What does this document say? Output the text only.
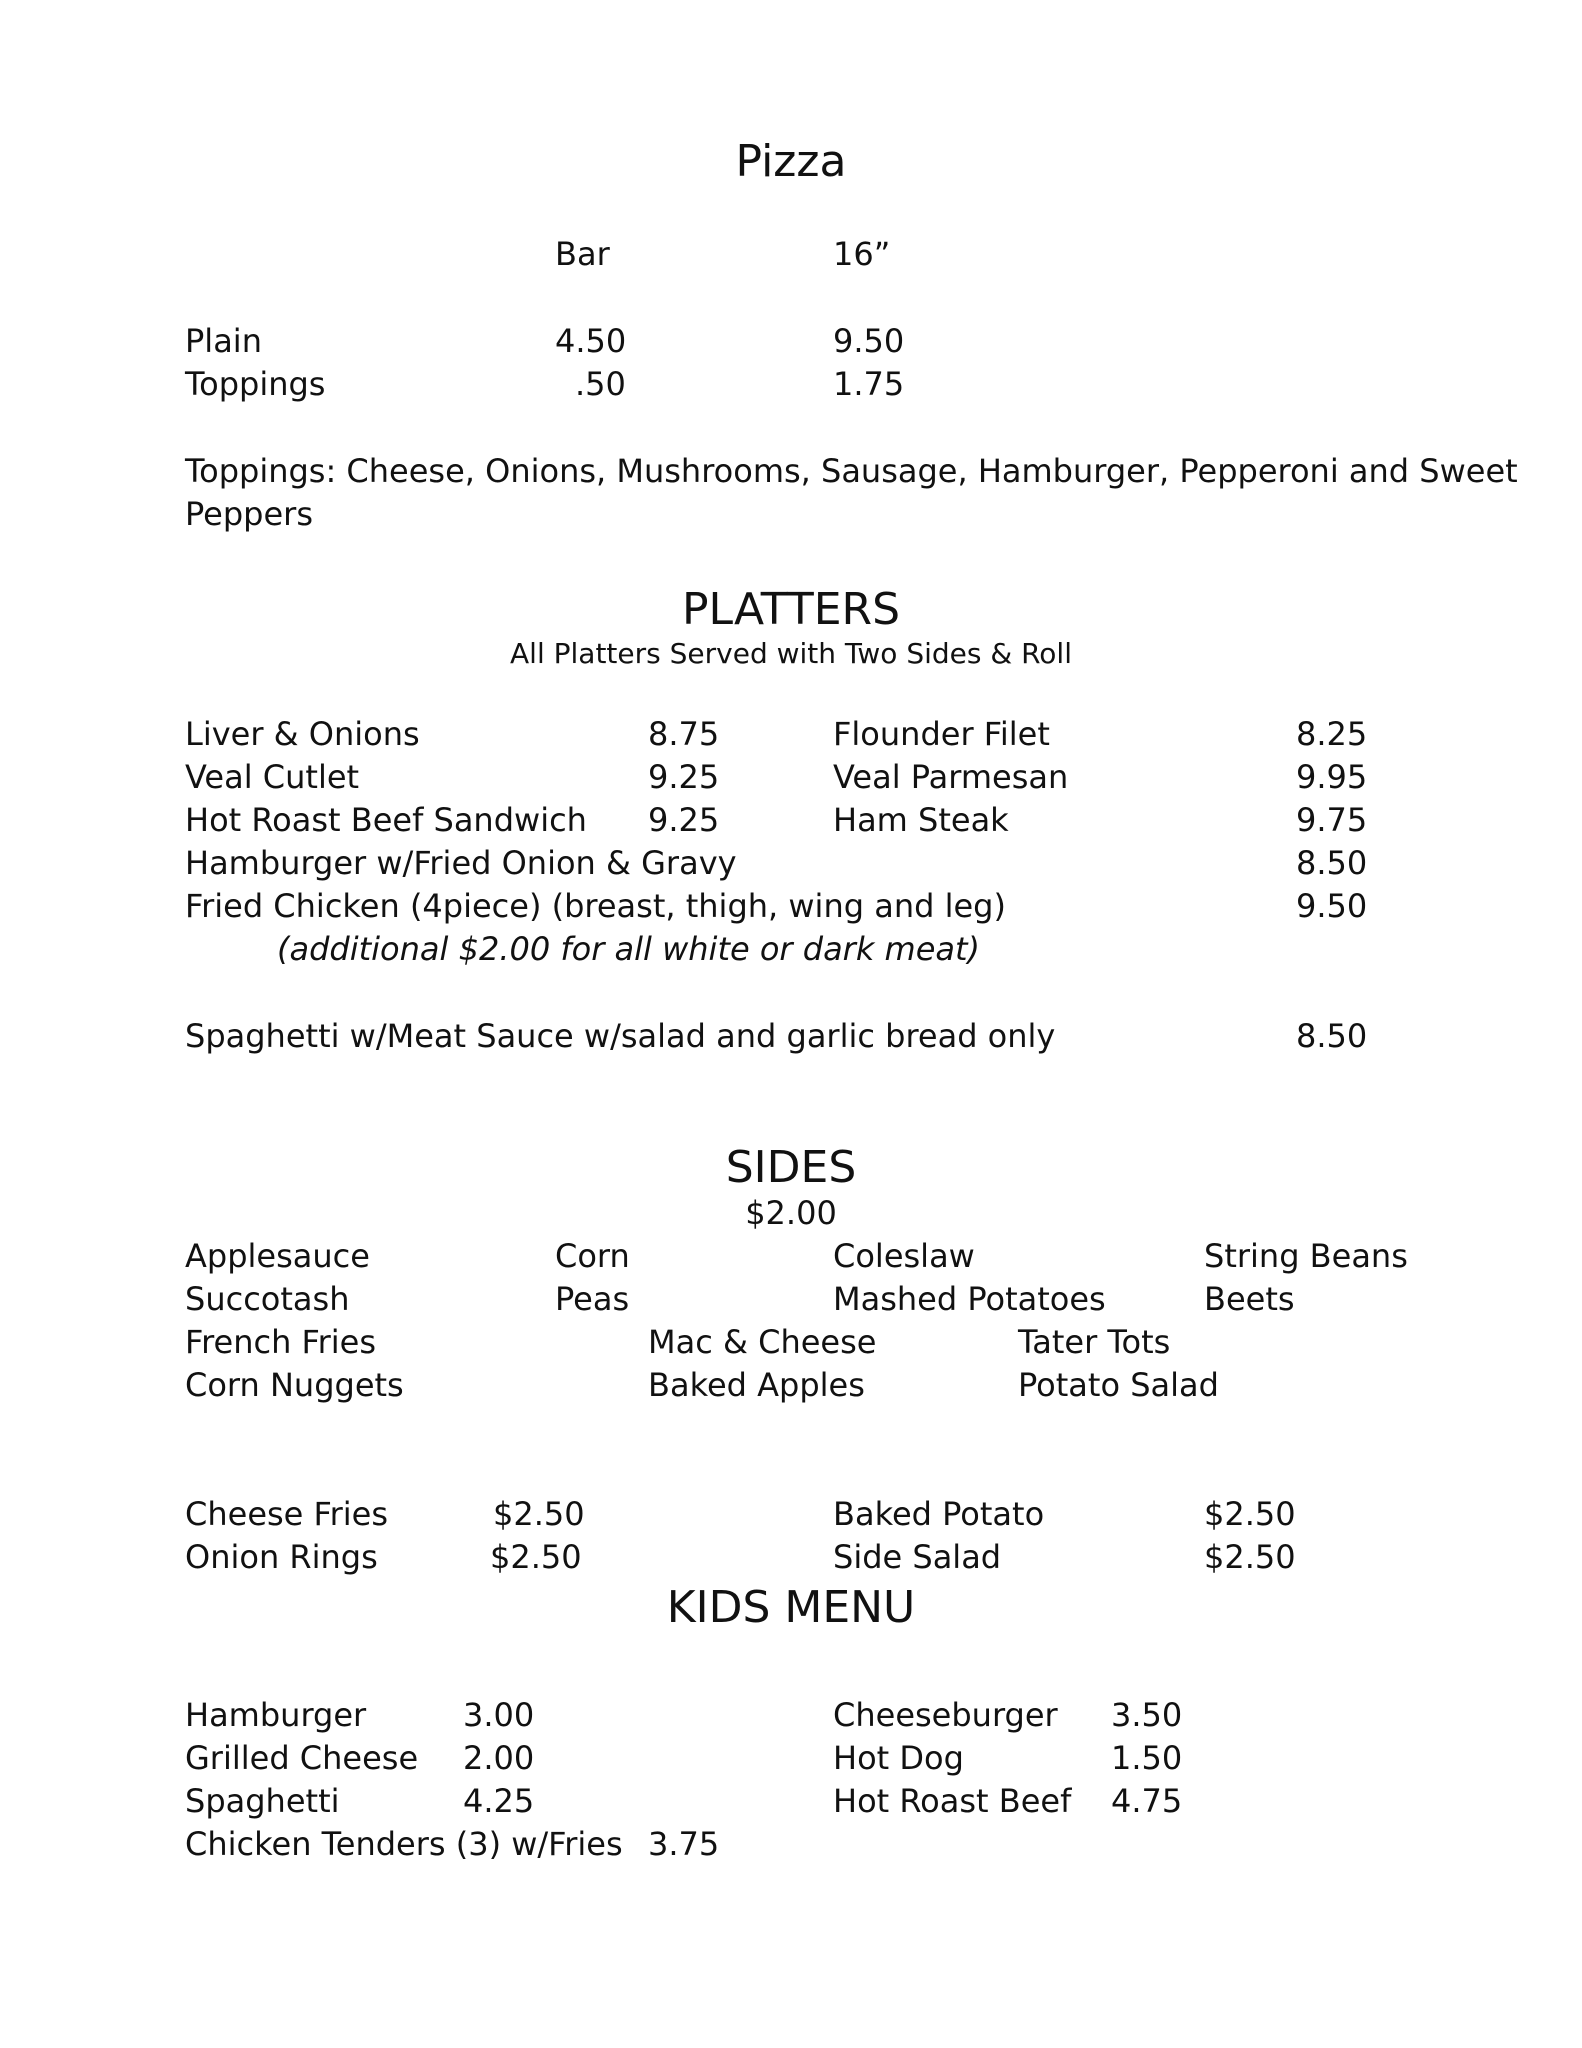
Pizza
Bar	16”
Plain	4.50	9.50
Toppings	.50	1.75
Toppings: Cheese, Onions, Mushrooms, Sausage, Hamburger, Pepperoni and Sweet
Peppers
PLATTERS
All Platters Served with Two Sides & Roll
Liver & Onions	8.75	Flounder Filet	8.25
Veal Cutlet	9.25	Veal Parmesan	9.95
Hot Roast Beef Sandwich 9.25	Ham Steak	9.75
Hamburger w/Fried Onion & Gravy	8.50
Fried Chicken (4piece) (breast, thigh, wing and leg)	9.50
(additional $2.00 for all white or dark meat)
Spaghetti w/Meat Sauce w/salad and garlic bread only	8.50
SIDES
$2.00
Applesauce	Corn	Coleslaw	String Beans
Succotash	Peas	Mashed Potatoes	Beets
French Fries	Mac & Cheese	Tater Tots
Corn Nuggets	Baked Apples	Potato Salad
Cheese Fries	$2.50	Baked Potato	$2.50
Onion Rings	$2.50	Side Salad	$2.50
KIDS MENU
Hamburger	3.00	Cheeseburger 3.50
Grilled Cheese 2.00	Hot Dog	1.50
Spaghetti	4.25	Hot Roast Beef 4.75
Chicken Tenders (3) w/Fries 3.75
